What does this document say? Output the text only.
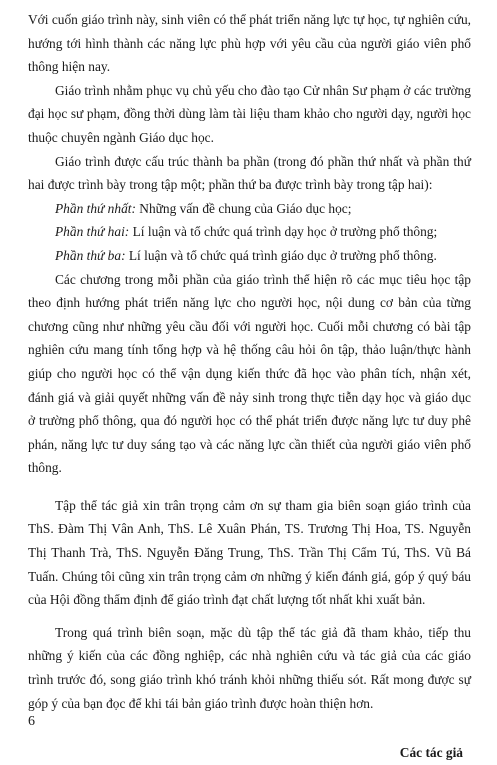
Với cuốn giáo trình này, sinh viên có thể phát triển năng lực tự học, tự nghiên cứu, hướng tới hình thành các năng lực phù hợp với yêu cầu của người giáo viên phổ thông hiện nay.

Giáo trình nhằm phục vụ chủ yếu cho đào tạo Cử nhân Sư phạm ở các trường đại học sư phạm, đồng thời dùng làm tài liệu tham khảo cho người dạy, người học thuộc chuyên ngành Giáo dục học.

Giáo trình được cấu trúc thành ba phần (trong đó phần thứ nhất và phần thứ hai được trình bày trong tập một; phần thứ ba được trình bày trong tập hai):

Phần thứ nhất: Những vấn đề chung của Giáo dục học;

Phần thứ hai: Lí luận và tổ chức quá trình dạy học ở trường phổ thông;

Phần thứ ba: Lí luận và tổ chức quá trình giáo dục ở trường phổ thông.

Các chương trong mỗi phần của giáo trình thể hiện rõ các mục tiêu học tập theo định hướng phát triển năng lực cho người học, nội dung cơ bản của từng chương cũng như những yêu cầu đối với người học. Cuối mỗi chương có bài tập nghiên cứu mang tính tổng hợp và hệ thống câu hỏi ôn tập, thảo luận/thực hành giúp cho người học có thể vận dụng kiến thức đã học vào phân tích, nhận xét, đánh giá và giải quyết những vấn đề nảy sinh trong thực tiễn dạy học và giáo dục ở trường phổ thông, qua đó người học có thể phát triển được năng lực tư duy phê phán, năng lực tư duy sáng tạo và các năng lực cần thiết của người giáo viên phổ thông.

Tập thể tác giả xin trân trọng cảm ơn sự tham gia biên soạn giáo trình của ThS. Đàm Thị Vân Anh, ThS. Lê Xuân Phán, TS. Trương Thị Hoa, TS. Nguyễn Thị Thanh Trà, ThS. Nguyễn Đăng Trung, ThS. Trần Thị Cẩm Tú, ThS. Vũ Bá Tuấn. Chúng tôi cũng xin trân trọng cảm ơn những ý kiến đánh giá, góp ý quý báu của Hội đồng thẩm định để giáo trình đạt chất lượng tốt nhất khi xuất bản.

Trong quá trình biên soạn, mặc dù tập thể tác giả đã tham khảo, tiếp thu những ý kiến của các đồng nghiệp, các nhà nghiên cứu và tác giả của các giáo trình trước đó, song giáo trình khó tránh khỏi những thiếu sót. Rất mong được sự góp ý của bạn đọc để khi tái bản giáo trình được hoàn thiện hơn.

Các tác giả

6
